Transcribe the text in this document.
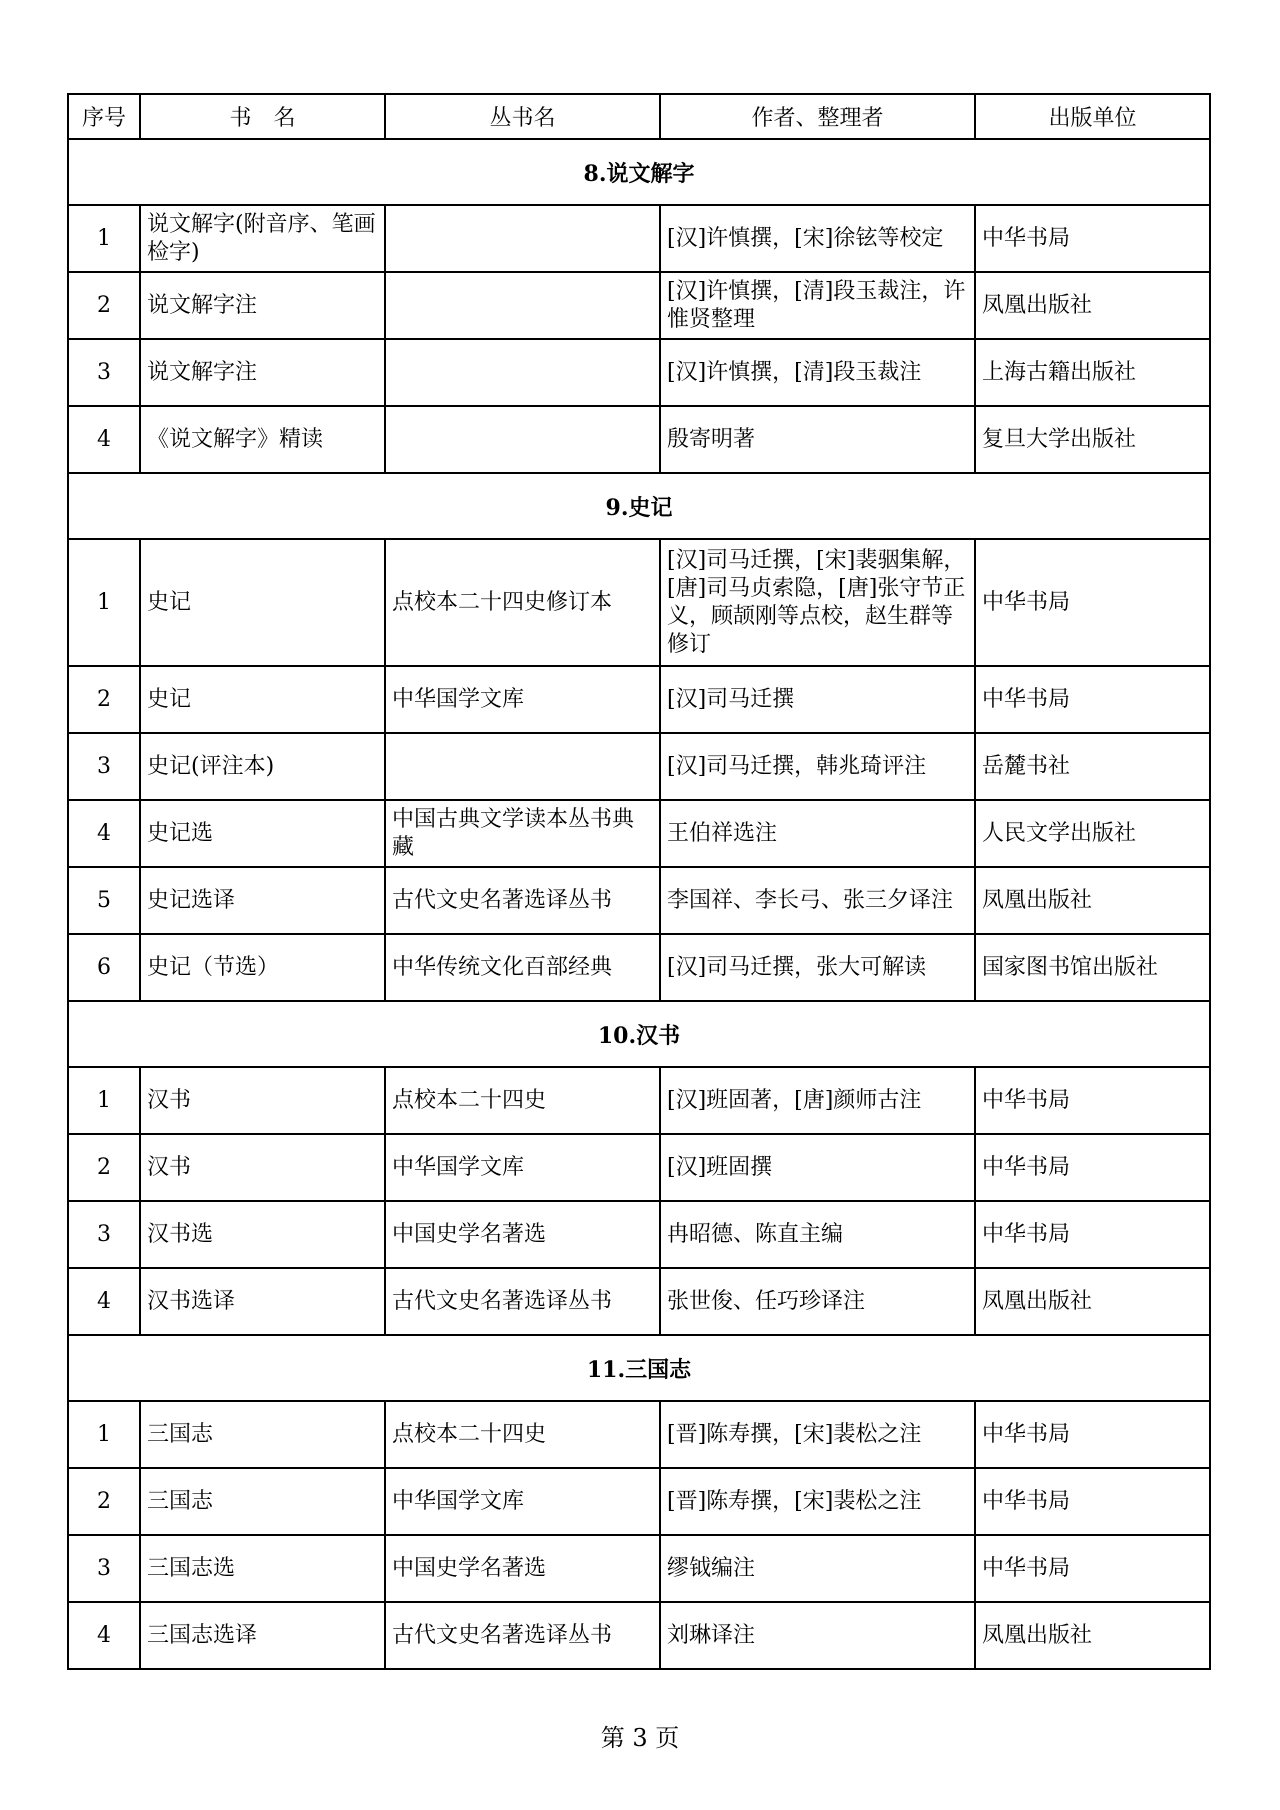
序号	书　名	丛书名	作者、整理者	出版单位
8.说文解字				
1	说文解字(附音序、笔画检字)		[汉]许慎撰，[宋]徐铉等校定	中华书局
2	说文解字注		[汉]许慎撰，[清]段玉裁注，许惟贤整理	凤凰出版社
3	说文解字注		[汉]许慎撰，[清]段玉裁注	上海古籍出版社
4	《说文解字》精读		殷寄明著	复旦大学出版社
9.史记				
1	史记	点校本二十四史修订本	[汉]司马迁撰，[宋]裴骃集解，[唐]司马贞索隐，[唐]张守节正义，顾颉刚等点校，赵生群等修订	中华书局
2	史记	中华国学文库	[汉]司马迁撰	中华书局
3	史记(评注本)		[汉]司马迁撰，韩兆琦评注	岳麓书社
4	史记选	中国古典文学读本丛书典藏	王伯祥选注	人民文学出版社
5	史记选译	古代文史名著选译丛书	李国祥、李长弓、张三夕译注	凤凰出版社
6	史记（节选）	中华传统文化百部经典	[汉]司马迁撰，张大可解读	国家图书馆出版社
10.汉书				
1	汉书	点校本二十四史	[汉]班固著，[唐]颜师古注	中华书局
2	汉书	中华国学文库	[汉]班固撰	中华书局
3	汉书选	中国史学名著选	冉昭德、陈直主编	中华书局
4	汉书选译	古代文史名著选译丛书	张世俊、任巧珍译注	凤凰出版社
11.三国志				
1	三国志	点校本二十四史	[晋]陈寿撰，[宋]裴松之注	中华书局
2	三国志	中华国学文库	[晋]陈寿撰，[宋]裴松之注	中华书局
3	三国志选	中国史学名著选	缪钺编注	中华书局
4	三国志选译	古代文史名著选译丛书	刘琳译注	凤凰出版社
第 3 页
